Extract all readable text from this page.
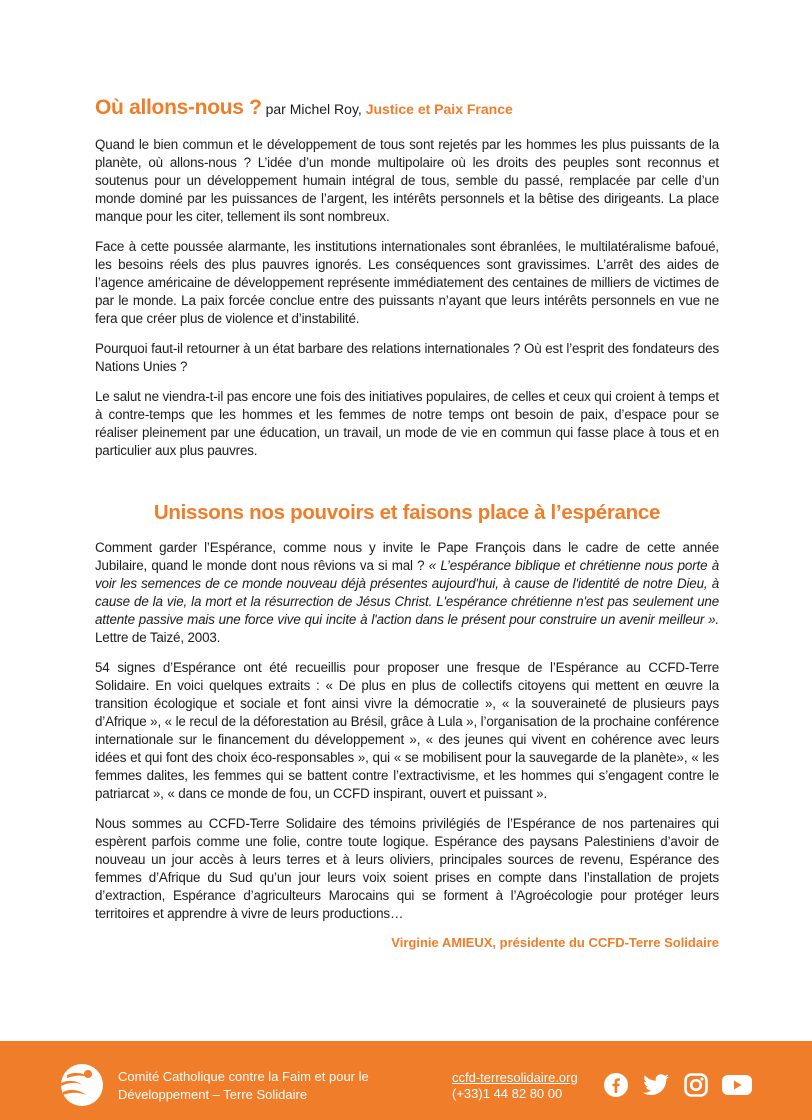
Où allons-nous ? par Michel Roy, Justice et Paix France

Quand le bien commun et le développement de tous sont rejetés par les hommes les plus puissants de la planète, où allons-nous ? L’idée d’un monde multipolaire où les droits des peuples sont reconnus et soutenus pour un développement humain intégral de tous, semble du passé, remplacée par celle d’un monde dominé par les puissances de l’argent, les intérêts personnels et la bêtise des dirigeants. La place manque pour les citer, tellement ils sont nombreux.

Face à cette poussée alarmante, les institutions internationales sont ébranlées, le multilatéralisme bafoué, les besoins réels des plus pauvres ignorés. Les conséquences sont gravissimes. L’arrêt des aides de l’agence américaine de développement représente immédiatement des centaines de milliers de victimes de par le monde. La paix forcée conclue entre des puissants n’ayant que leurs intérêts personnels en vue ne fera que créer plus de violence et d’instabilité.

Pourquoi faut-il retourner à un état barbare des relations internationales ? Où est l’esprit des fondateurs des Nations Unies ?

Le salut ne viendra-t-il pas encore une fois des initiatives populaires, de celles et ceux qui croient à temps et à contre-temps que les hommes et les femmes de notre temps ont besoin de paix, d’espace pour se réaliser pleinement par une éducation, un travail, un mode de vie en commun qui fasse place à tous et en particulier aux plus pauvres.

Unissons nos pouvoirs et faisons place à l’espérance

Comment garder l’Espérance, comme nous y invite le Pape François dans le cadre de cette année Jubilaire, quand le monde dont nous rêvions va si mal ? « L’espérance biblique et chrétienne nous porte à voir les semences de ce monde nouveau déjà présentes aujourd'hui, à cause de l'identité de notre Dieu, à cause de la vie, la mort et la résurrection de Jésus Christ. L'espérance chrétienne n'est pas seulement une attente passive mais une force vive qui incite à l'action dans le présent pour construire un avenir meilleur ». Lettre de Taizé, 2003.

54 signes d’Espérance ont été recueillis pour proposer une fresque de l’Espérance au CCFD-Terre Solidaire. En voici quelques extraits : « De plus en plus de collectifs citoyens qui mettent en œuvre la transition écologique et sociale et font ainsi vivre la démocratie », « la souveraineté de plusieurs pays d’Afrique », « le recul de la déforestation au Brésil, grâce à Lula », l’organisation de la prochaine conférence internationale sur le financement du développement », « des jeunes qui vivent en cohérence avec leurs idées et qui font des choix éco-responsables », qui « se mobilisent pour la sauvegarde de la planète», « les femmes dalites, les femmes qui se battent contre l’extractivisme, et les hommes qui s’engagent contre le patriarcat », « dans ce monde de fou, un CCFD inspirant, ouvert et puissant ».

Nous sommes au CCFD-Terre Solidaire des témoins privilégiés de l’Espérance de nos partenaires qui espèrent parfois comme une folie, contre toute logique. Espérance des paysans Palestiniens d’avoir de nouveau un jour accès à leurs terres et à leurs oliviers, principales sources de revenu, Espérance des femmes d’Afrique du Sud qu’un jour leurs voix soient prises en compte dans l’installation de projets d’extraction, Espérance d’agriculteurs Marocains qui se forment à l’Agroécologie pour protéger leurs territoires et apprendre à vivre de leurs productions…

Virginie AMIEUX, présidente du CCFD-Terre Solidaire
Comité Catholique contre la Faim et pour le Développement – Terre Solidaire
ccfd-terresolidaire.org
(+33)1 44 82 80 00
